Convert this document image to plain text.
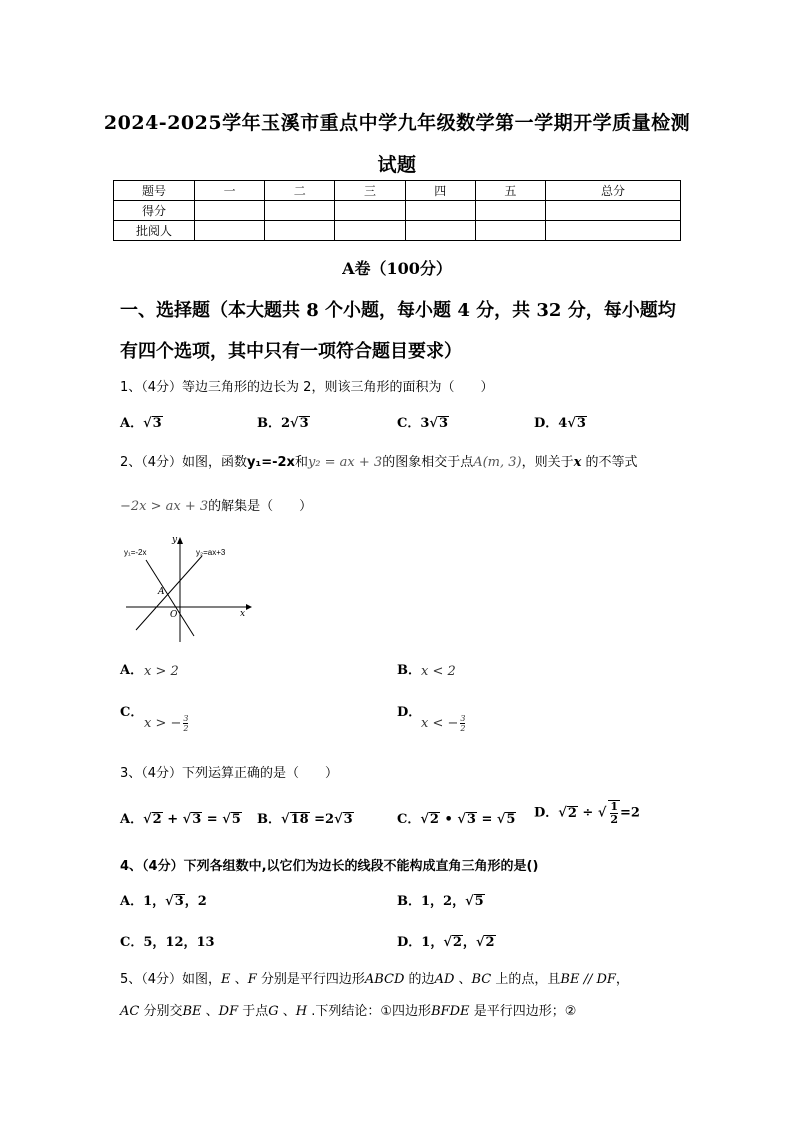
2024-2025学年玉溪市重点中学九年级数学第一学期开学质量检测
试题
题号	一	二	三	四	五	总分
得分						
批阅人						
A卷（100分）
一、选择题（本大题共 8 个小题，每小题 4 分，共 32 分，每小题均
有四个选项，其中只有一项符合题目要求）
1、（4分）等边三角形的边长为 2，则该三角形的面积为（　　）
A．√3	B．2√3	C．3√3	D．4√3
2、（4分）如图，函数y₁=-2x和y₂ = ax + 3的图象相交于点A(m, 3)，则关于x 的不等式
−2x > ax + 3的解集是（　　）
y₁=-2x	y₂=ax+3
y
x
O
A
A． x > 2	B． x < 2
C．
x > − $\frac{3}{2}$
D．
x < − $\frac{3}{2}$
3、（4分）下列运算正确的是（　　）
A．√2 + √3 = √5 B．√18 =2√3	C．√2 • √3 = √5 D．√2 ÷ √ $\frac{1}{2} =2$
4、（4分）下列各组数中,以它们为边长的线段不能构成直角三角形的是()
A．1，√3，2	B．1，2，√5
C．5，12，13	D．1，√2，√2
5、（4分）如图，E 、F 分别是平行四边形ABCD 的边AD 、BC 上的点，且BE // DF，
AC 分别交BE 、DF 于点G 、H .下列结论：①四边形BFDE 是平行四边形；②
